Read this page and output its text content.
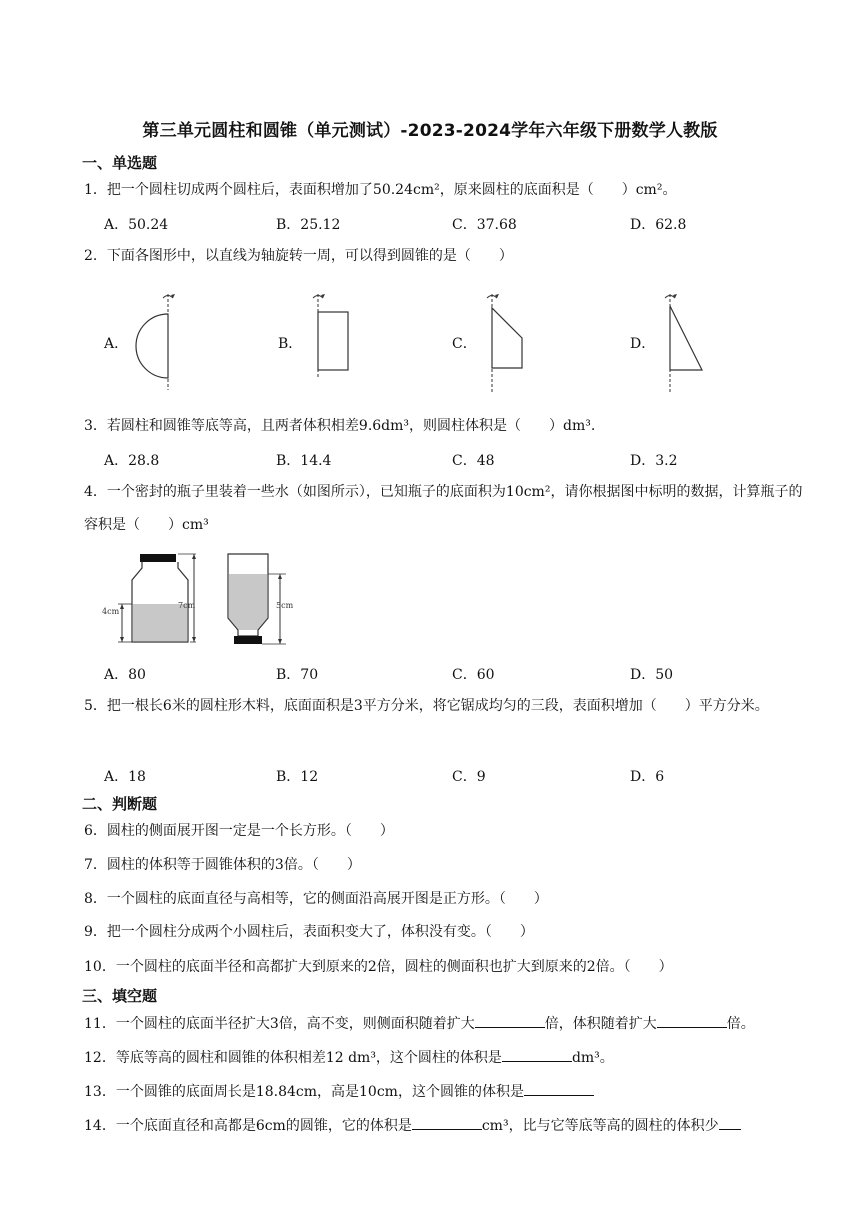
第三单元圆柱和圆锥（单元测试）-2023-2024学年六年级下册数学人教版
一、单选题
1．把一个圆柱切成两个圆柱后，表面积增加了50.24cm²，原来圆柱的底面积是（　　）cm²。
A．50.24	B．25.12	C．37.68	D．62.8
2．下面各图形中，以直线为轴旋转一周，可以得到圆锥的是（　　）
A．	B．	C．	D．
3．若圆柱和圆锥等底等高，且两者体积相差9.6dm³，则圆柱体积是（　　）dm³.
A．28.8	B．14.4	C．48	D．3.2
4．一个密封的瓶子里装着一些水（如图所示），已知瓶子的底面积为10cm²，请你根据图中标明的数据，计算瓶子的容积是（　　）cm³
4cm
7cm	5cm
A．80	B．70	C．60	D．50
5．把一根长6米的圆柱形木料，底面面积是3平方分米，将它锯成均匀的三段，表面积增加（　　）平方分米。
A．18	B．12	C．9	D．6
二、判断题
6．圆柱的侧面展开图一定是一个长方形。（　　）
7．圆柱的体积等于圆锥体积的3倍。（　　）
8．一个圆柱的底面直径与高相等，它的侧面沿高展开图是正方形。（　　）
9．把一个圆柱分成两个小圆柱后，表面积变大了，体积没有变。（　　）
10．一个圆柱的底面半径和高都扩大到原来的2倍，圆柱的侧面积也扩大到原来的2倍。（　　）
三、填空题
11．一个圆柱的底面半径扩大3倍，高不变，则侧面积随着扩大	倍，体积随着扩大	倍。
12．等底等高的圆柱和圆锥的体积相差12 dm³，这个圆柱的体积是	dm³。
13．一个圆锥的底面周长是18.84cm，高是10cm，这个圆锥的体积是
14．一个底面直径和高都是6cm的圆锥，它的体积是	cm³，比与它等底等高的圆柱的体积少
